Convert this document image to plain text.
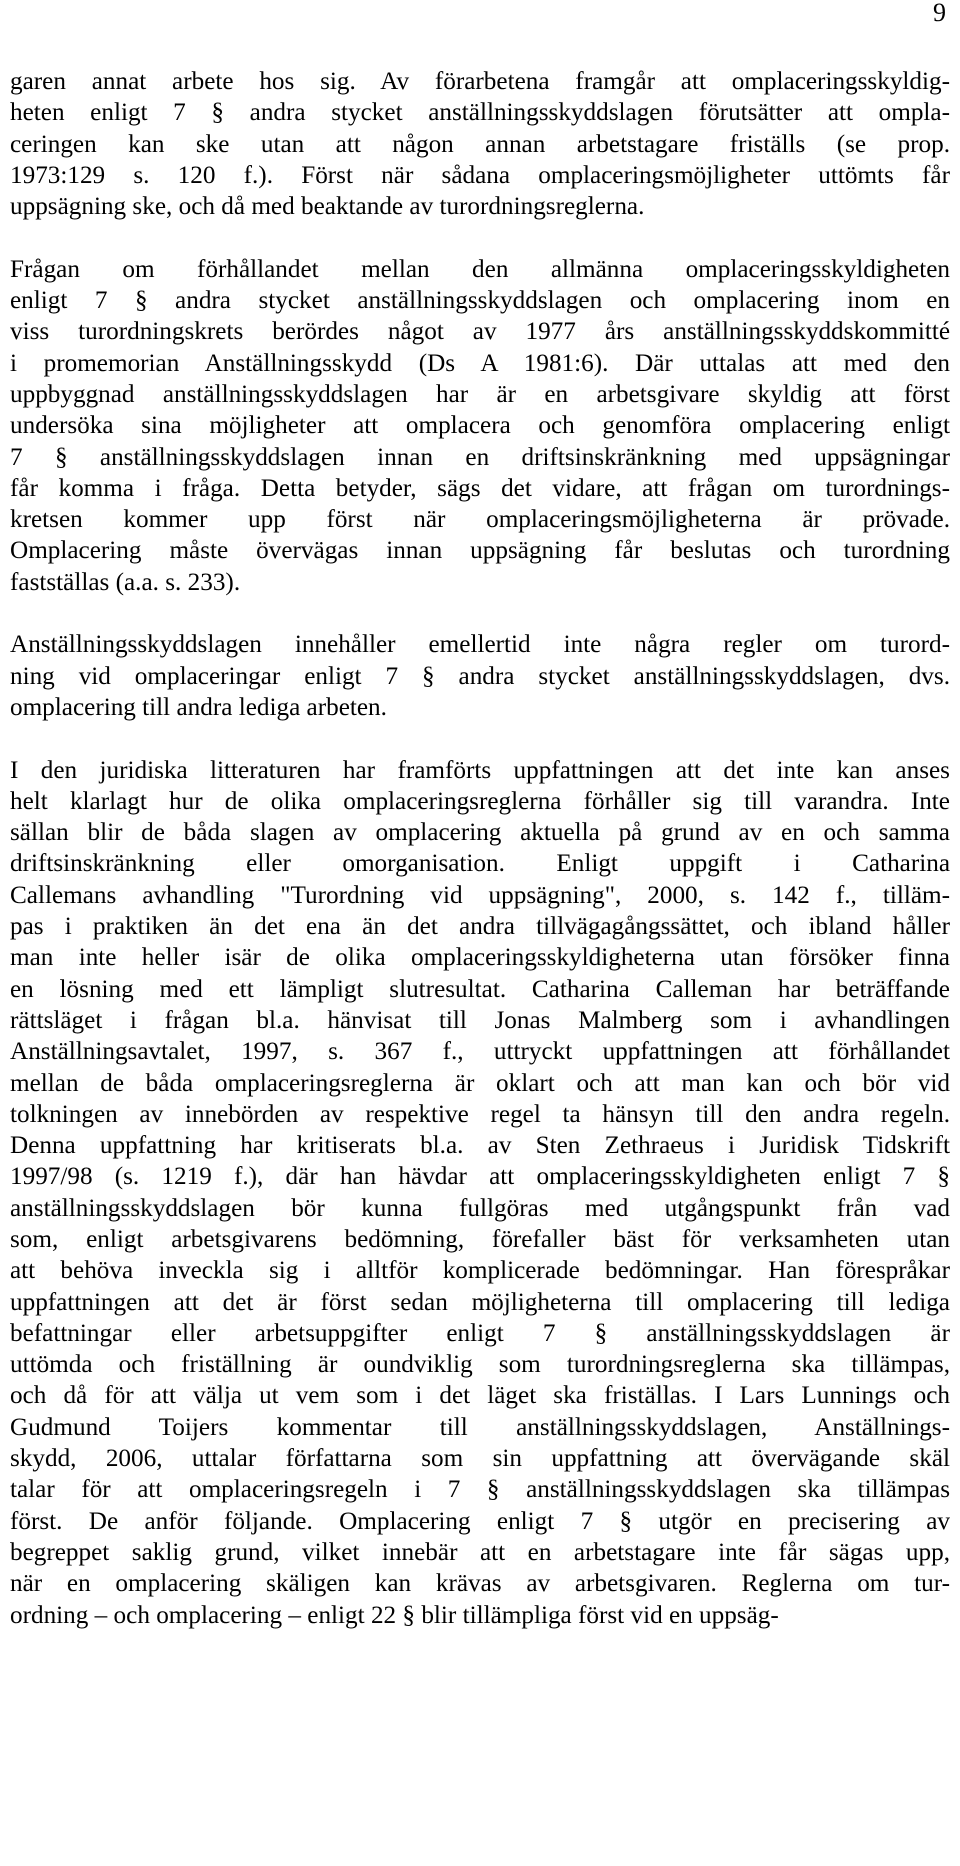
9
garen annat arbete hos sig. Av förarbetena framgår att omplaceringsskyldig-
heten enligt 7 § andra stycket anställningsskyddslagen förutsätter att ompla-
ceringen kan ske utan att någon annan arbetstagare friställs (se prop.
1973:129 s. 120 f.). Först när sådana omplaceringsmöjligheter uttömts får
uppsägning ske, och då med beaktande av turordningsreglerna.
Frågan om förhållandet mellan den allmänna omplaceringsskyldigheten
enligt 7 § andra stycket anställningsskyddslagen och omplacering inom en
viss turordningskrets berördes något av 1977 års anställningsskyddskommitté
i promemorian Anställningsskydd (Ds A 1981:6). Där uttalas att med den
uppbyggnad anställningsskyddslagen har är en arbetsgivare skyldig att först
undersöka sina möjligheter att omplacera och genomföra omplacering enligt
7 § anställningsskyddslagen innan en driftsinskränkning med uppsägningar
får komma i fråga. Detta betyder, sägs det vidare, att frågan om turordnings-
kretsen kommer upp först när omplaceringsmöjligheterna är prövade.
Omplacering måste övervägas innan uppsägning får beslutas och turordning
fastställas (a.a. s. 233).
Anställningsskyddslagen innehåller emellertid inte några regler om turord-
ning vid omplaceringar enligt 7 § andra stycket anställningsskyddslagen, dvs.
omplacering till andra lediga arbeten.
I den juridiska litteraturen har framförts uppfattningen att det inte kan anses
helt klarlagt hur de olika omplaceringsreglerna förhåller sig till varandra. Inte
sällan blir de båda slagen av omplacering aktuella på grund av en och samma
driftsinskränkning eller omorganisation. Enligt uppgift i Catharina
Callemans avhandling "Turordning vid uppsägning", 2000, s. 142 f., tilläm-
pas i praktiken än det ena än det andra tillvägagångssättet, och ibland håller
man inte heller isär de olika omplaceringsskyldigheterna utan försöker finna
en lösning med ett lämpligt slutresultat. Catharina Calleman har beträffande
rättsläget i frågan bl.a. hänvisat till Jonas Malmberg som i avhandlingen
Anställningsavtalet, 1997, s. 367 f., uttryckt uppfattningen att förhållandet
mellan de båda omplaceringsreglerna är oklart och att man kan och bör vid
tolkningen av innebörden av respektive regel ta hänsyn till den andra regeln.
Denna uppfattning har kritiserats bl.a. av Sten Zethraeus i Juridisk Tidskrift
1997/98 (s. 1219 f.), där han hävdar att omplaceringsskyldigheten enligt 7 §
anställningsskyddslagen bör kunna fullgöras med utgångspunkt från vad
som, enligt arbetsgivarens bedömning, förefaller bäst för verksamheten utan
att behöva inveckla sig i alltför komplicerade bedömningar. Han förespråkar
uppfattningen att det är först sedan möjligheterna till omplacering till lediga
befattningar eller arbetsuppgifter enligt 7 § anställningsskyddslagen är
uttömda och friställning är oundviklig som turordningsreglerna ska tillämpas,
och då för att välja ut vem som i det läget ska friställas. I Lars Lunnings och
Gudmund Toijers kommentar till anställningsskyddslagen, Anställnings-
skydd, 2006, uttalar författarna som sin uppfattning att övervägande skäl
talar för att omplaceringsregeln i 7 § anställningsskyddslagen ska tillämpas
först. De anför följande. Omplacering enligt 7 § utgör en precisering av
begreppet saklig grund, vilket innebär att en arbetstagare inte får sägas upp,
när en omplacering skäligen kan krävas av arbetsgivaren. Reglerna om tur-
ordning – och omplacering – enligt 22 § blir tillämpliga först vid en uppsäg-
